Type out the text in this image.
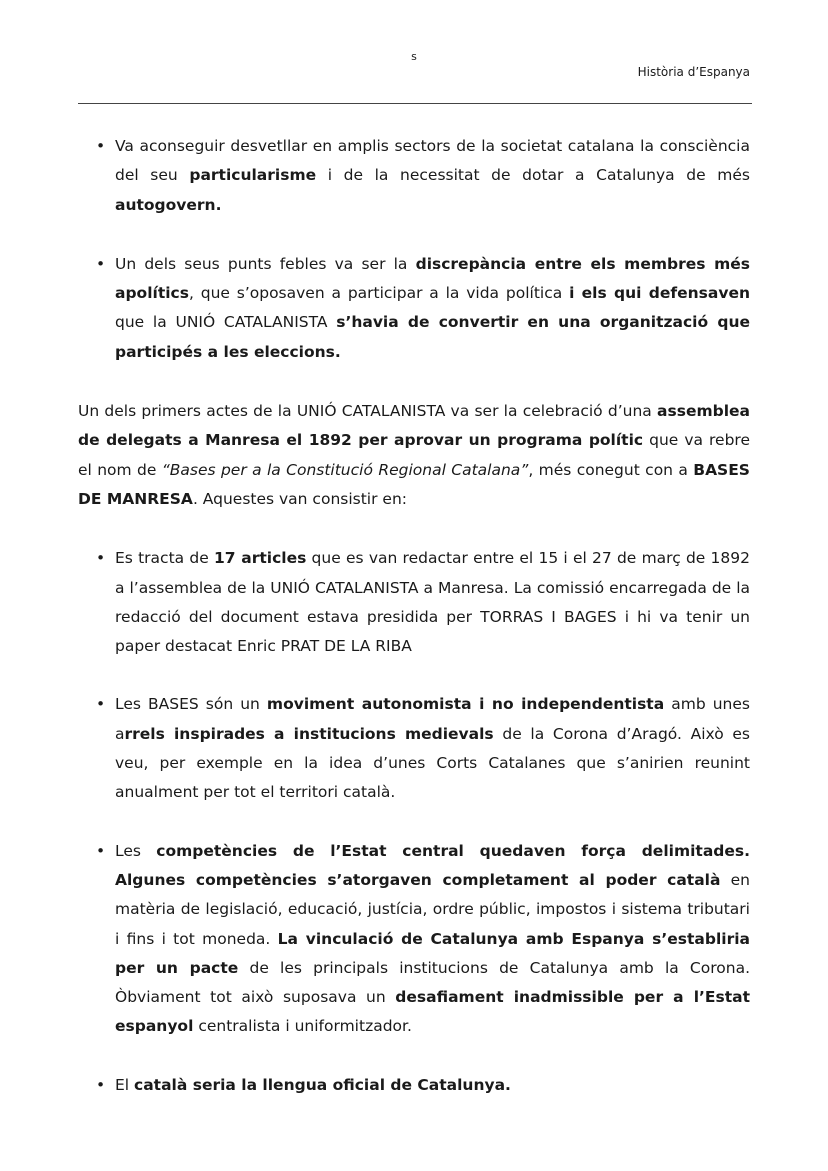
s
Història d’Espanya

• Va aconseguir desvetllar en amplis sectors de la societat catalana la consciència del seu particularisme i de la necessitat de dotar a Catalunya de més autogovern.

• Un dels seus punts febles va ser la discrepància entre els membres més apolítics, que s’oposaven a participar a la vida política i els qui defensaven que la UNIÓ CATALANISTA s’havia de convertir en una organització que participés a les eleccions.

Un dels primers actes de la UNIÓ CATALANISTA va ser la celebració d’una assemblea de delegats a Manresa el 1892 per aprovar un programa polític que va rebre el nom de “Bases per a la Constitució Regional Catalana”, més conegut con a BASES DE MANRESA. Aquestes van consistir en:

• Es tracta de 17 articles que es van redactar entre el 15 i el 27 de març de 1892 a l’assemblea de la UNIÓ CATALANISTA a Manresa. La comissió encarregada de la redacció del document estava presidida per TORRAS I BAGES i hi va tenir un paper destacat Enric PRAT DE LA RIBA

• Les BASES són un moviment autonomista i no independentista amb unes arrels inspirades a institucions medievals de la Corona d’Aragó. Això es veu, per exemple en la idea d’unes Corts Catalanes que s’anirien reunint anualment per tot el territori català.

• Les competències de l’Estat central quedaven força delimitades. Algunes competències s’atorgaven completament al poder català en matèria de legislació, educació, justícia, ordre públic, impostos i sistema tributari i fins i tot moneda. La vinculació de Catalunya amb Espanya s’establiria per un pacte de les principals institucions de Catalunya amb la Corona. Òbviament tot això suposava un desafiament inadmissible per a l’Estat espanyol centralista i uniformitzador.

• El català seria la llengua oficial de Catalunya.
